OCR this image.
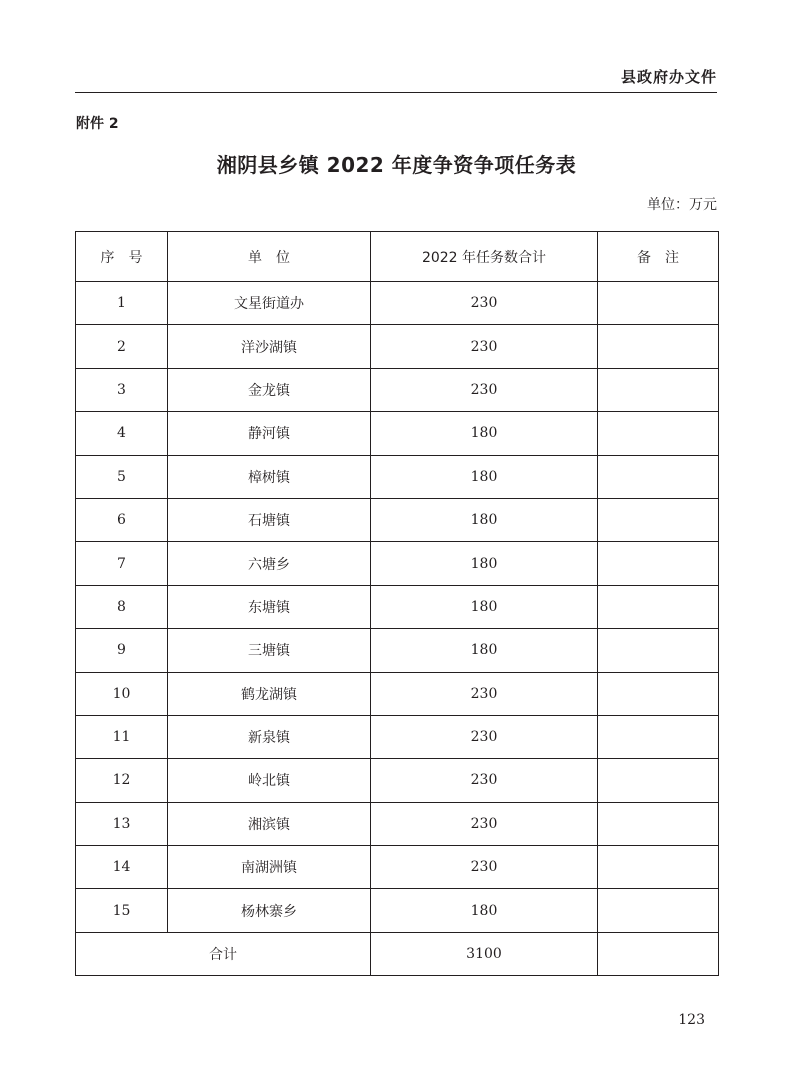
县政府办文件
附件 2
湘阴县乡镇 2022 年度争资争项任务表
单位：万元
序　号	单　位	2022 年任务数合计	备　注
1	文星街道办	230	
2	洋沙湖镇	230	
3	金龙镇	230	
4	静河镇	180	
5	樟树镇	180	
6	石塘镇	180	
7	六塘乡	180	
8	东塘镇	180	
9	三塘镇	180	
10	鹤龙湖镇	230	
11	新泉镇	230	
12	岭北镇	230	
13	湘滨镇	230	
14	南湖洲镇	230	
15	杨林寨乡	180	
合计		3100	
123
